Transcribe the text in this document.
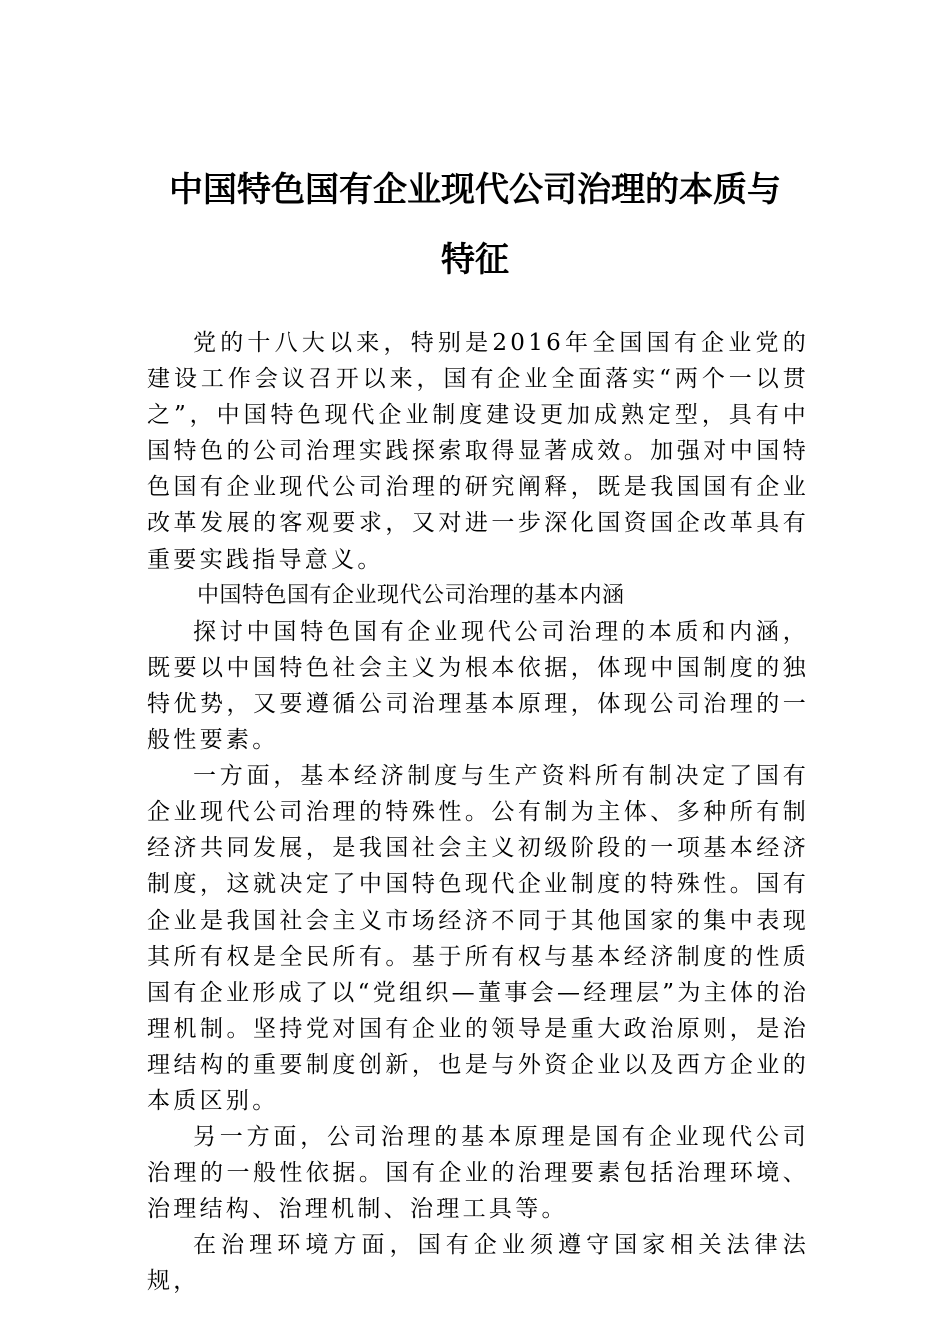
中国特色国有企业现代公司治理的本质与
特征

党的十八大以来，特别是2016年全国国有企业党的建设工作会议召开以来，国有企业全面落实“两个一以贯之”，中国特色现代企业制度建设更加成熟定型，具有中国特色的公司治理实践探索取得显著成效。加强对中国特色国有企业现代公司治理的研究阐释，既是我国国有企业改革发展的客观要求，又对进一步深化国资国企改革具有重要实践指导意义。

中国特色国有企业现代公司治理的基本内涵

探讨中国特色国有企业现代公司治理的本质和内涵，既要以中国特色社会主义为根本依据，体现中国制度的独特优势，又要遵循公司治理基本原理，体现公司治理的一般性要素。

一方面，基本经济制度与生产资料所有制决定了国有企业现代公司治理的特殊性。公有制为主体、多种所有制经济共同发展，是我国社会主义初级阶段的一项基本经济制度，这就决定了中国特色现代企业制度的特殊性。国有企业是我国社会主义市场经济不同于其他国家的集中表现其所有权是全民所有。基于所有权与基本经济制度的性质国有企业形成了以“党组织—董事会—经理层”为主体的治理机制。坚持党对国有企业的领导是重大政治原则，是治理结构的重要制度创新，也是与外资企业以及西方企业的本质区别。

另一方面，公司治理的基本原理是国有企业现代公司治理的一般性依据。国有企业的治理要素包括治理环境、治理结构、治理机制、治理工具等。

在治理环境方面，国有企业须遵守国家相关法律法规，
